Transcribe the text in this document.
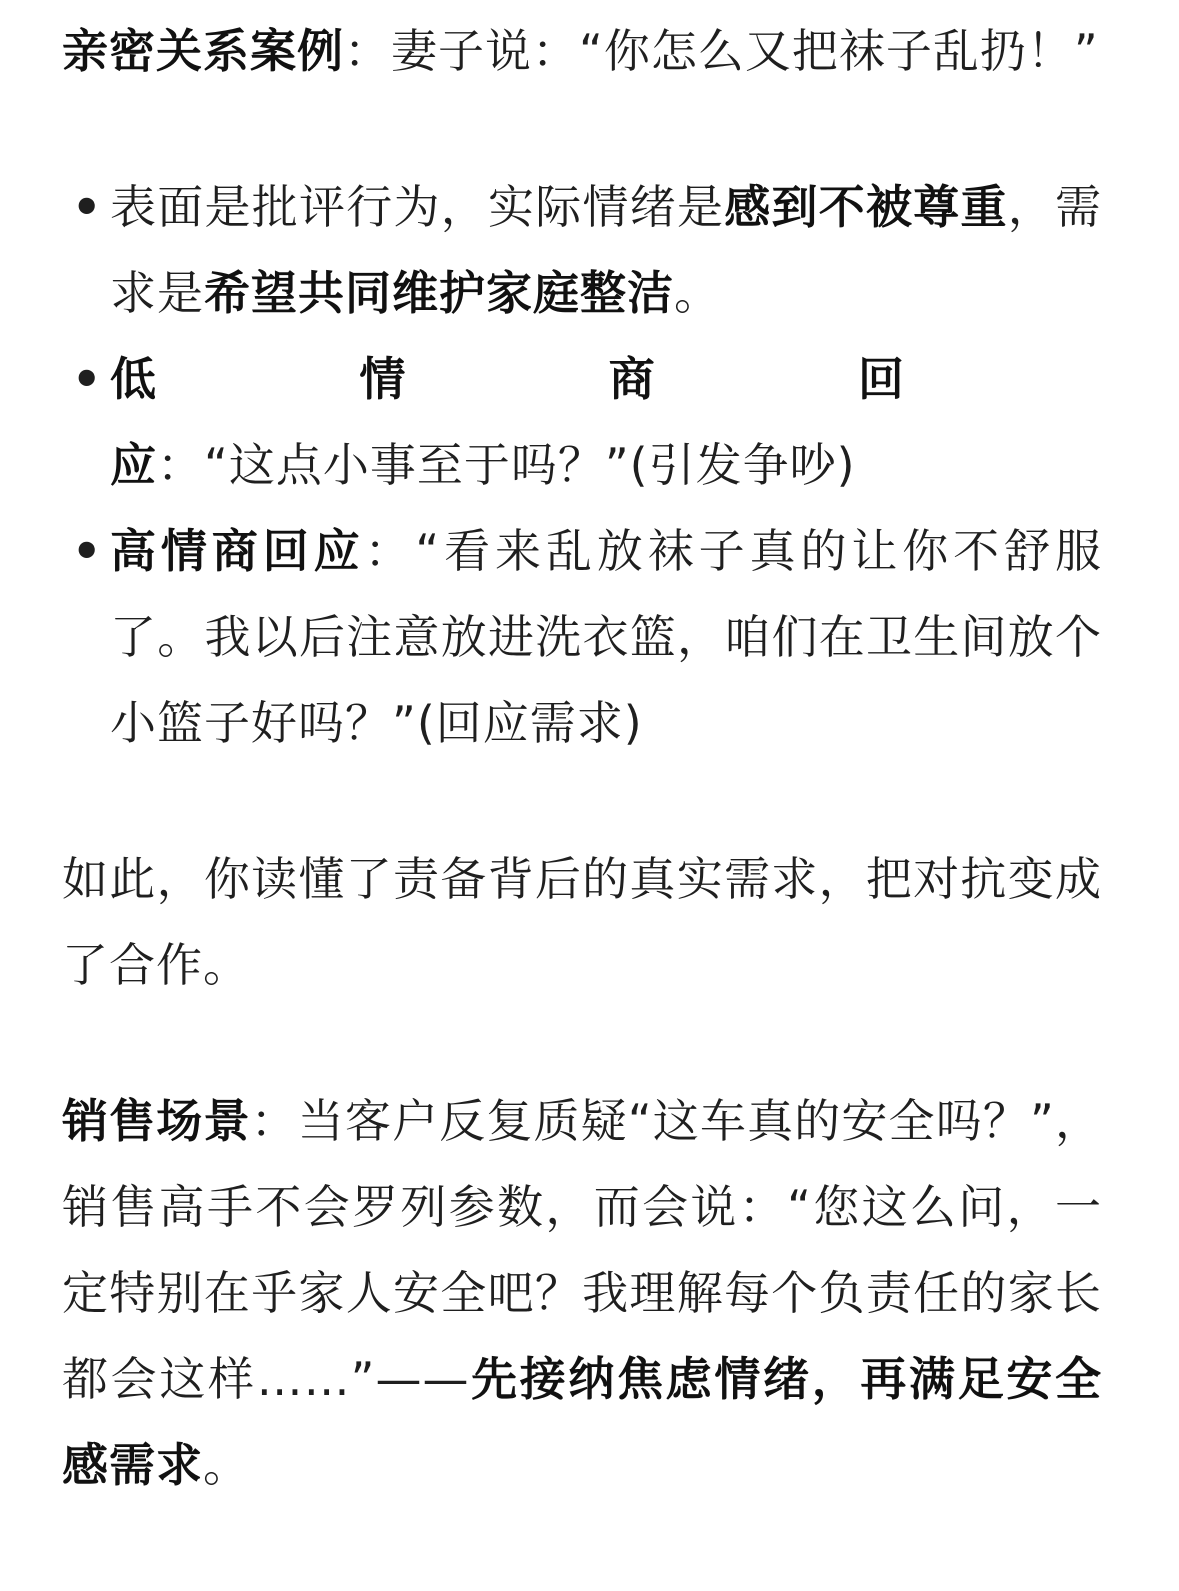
亲密关系案例：妻子说：“你怎么又把袜子乱扔！”

• 表面是批评行为，实际情绪是感到不被尊重，需求是希望共同维护家庭整洁。
• 低	情	商	回
应：“这点小事至于吗？”(引发争吵)
• 高情商回应：“看来乱放袜子真的让你不舒服了。我以后注意放进洗衣篮，咱们在卫生间放个小篮子好吗？”(回应需求)

如此，你读懂了责备背后的真实需求，把对抗变成了合作。

销售场景：当客户反复质疑“这车真的安全吗？”，销售高手不会罗列参数，而会说：“您这么问，一定特别在乎家人安全吧？我理解每个负责任的家长都会这样……”——先接纳焦虑情绪，再满足安全感需求。
